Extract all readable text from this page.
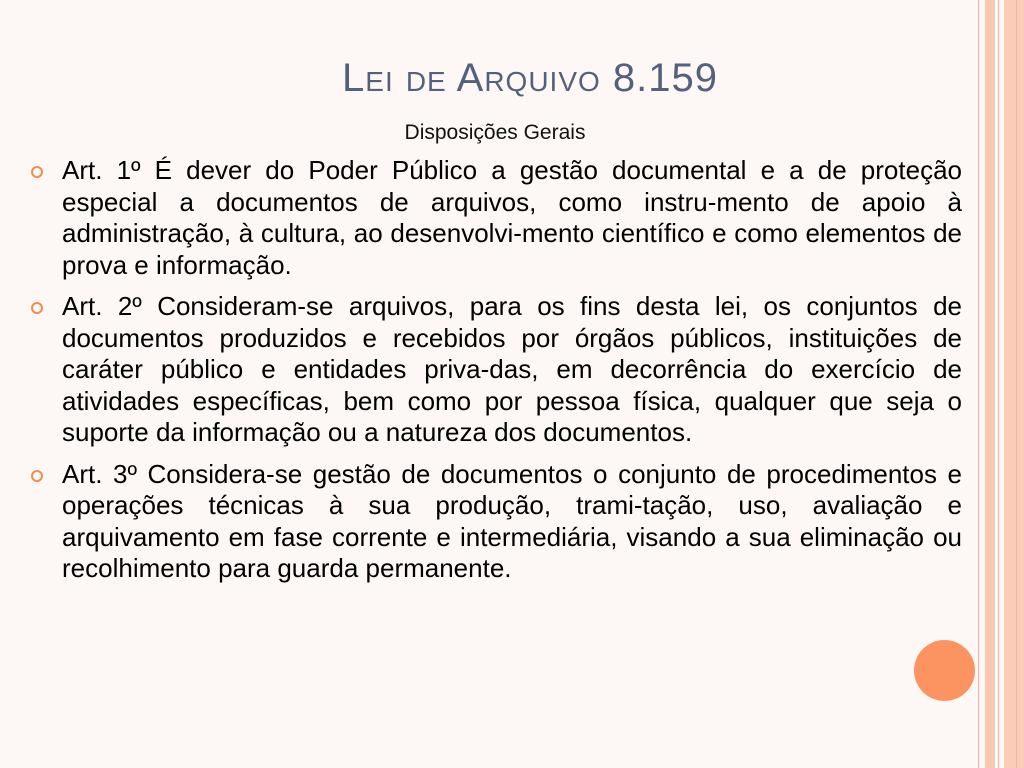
Lei de Arquivo 8.159
Disposições Gerais

Art. 1º É dever do Poder Público a gestão documental e a de proteção especial a documentos de arquivos, como instru-mento de apoio à administração, à cultura, ao desenvolvi-mento científico e como elementos de prova e informação.

Art. 2º Consideram-se arquivos, para os fins desta lei, os conjuntos de documentos produzidos e recebidos por órgãos públicos, instituições de caráter público e entidades priva-das, em decorrência do exercício de atividades específicas, bem como por pessoa física, qualquer que seja o suporte da informação ou a natureza dos documentos.

Art. 3º Considera-se gestão de documentos o conjunto de procedimentos e operações técnicas à sua produção, trami-tação, uso, avaliação e arquivamento em fase corrente e intermediária, visando a sua eliminação ou recolhimento para guarda permanente.
